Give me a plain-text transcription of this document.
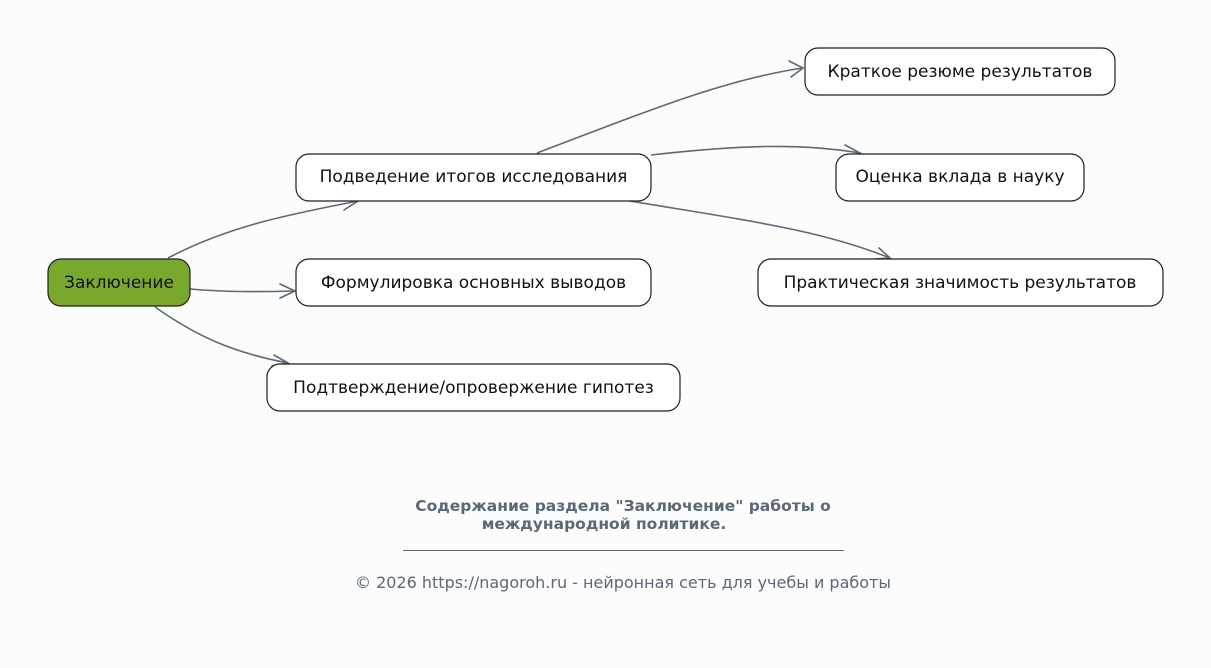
Заключение
Подведение итогов исследования
Формулировка основных выводов
Подтверждение/опровержение гипотез
Краткое резюме результатов
Оценка вклада в науку
Практическая значимость результатов
Содержание раздела "Заключение" работы о
международной политике.
© 2026 https://nagoroh.ru - нейронная сеть для учебы и работы
